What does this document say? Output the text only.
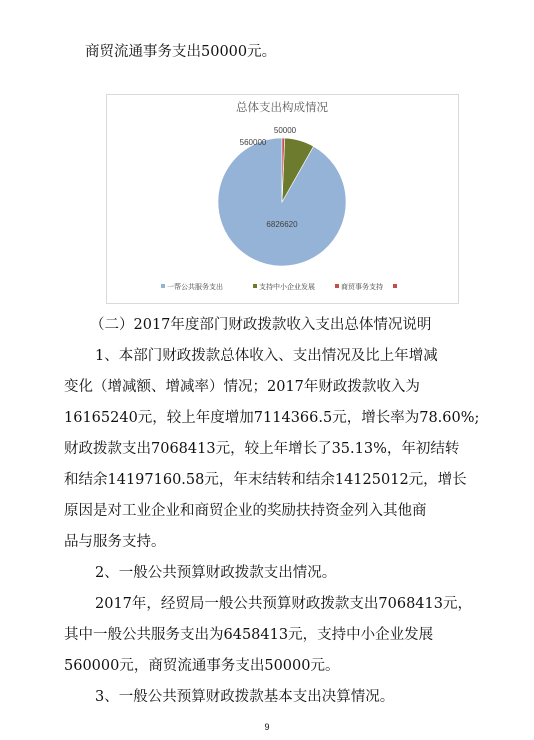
商贸流通事务支出50000元。
总体支出构成情况
6826620
560000
50000
一帮公共服务支出	支持中小企业发展	商贸事务支持
（二）2017年度部门财政拨款收入支出总体情况说明
1、本部门财政拨款总体收入、支出情况及比上年增减
变化（增减额、增减率）情况；2017年财政拨款收入为
16165240元，较上年度增加7114366.5元，增长率为78.60%;
财政拨款支出7068413元，较上年增长了35.13%，年初结转
和结余14197160.58元，年末结转和结余14125012元，增长
原因是对工业企业和商贸企业的奖励扶持资金列入其他商
品与服务支持。
2、一般公共预算财政拨款支出情况。
2017年，经贸局一般公共预算财政拨款支出7068413元，
其中一般公共服务支出为6458413元，支持中小企业发展
560000元，商贸流通事务支出50000元。
3、一般公共预算财政拨款基本支出决算情况。
9
